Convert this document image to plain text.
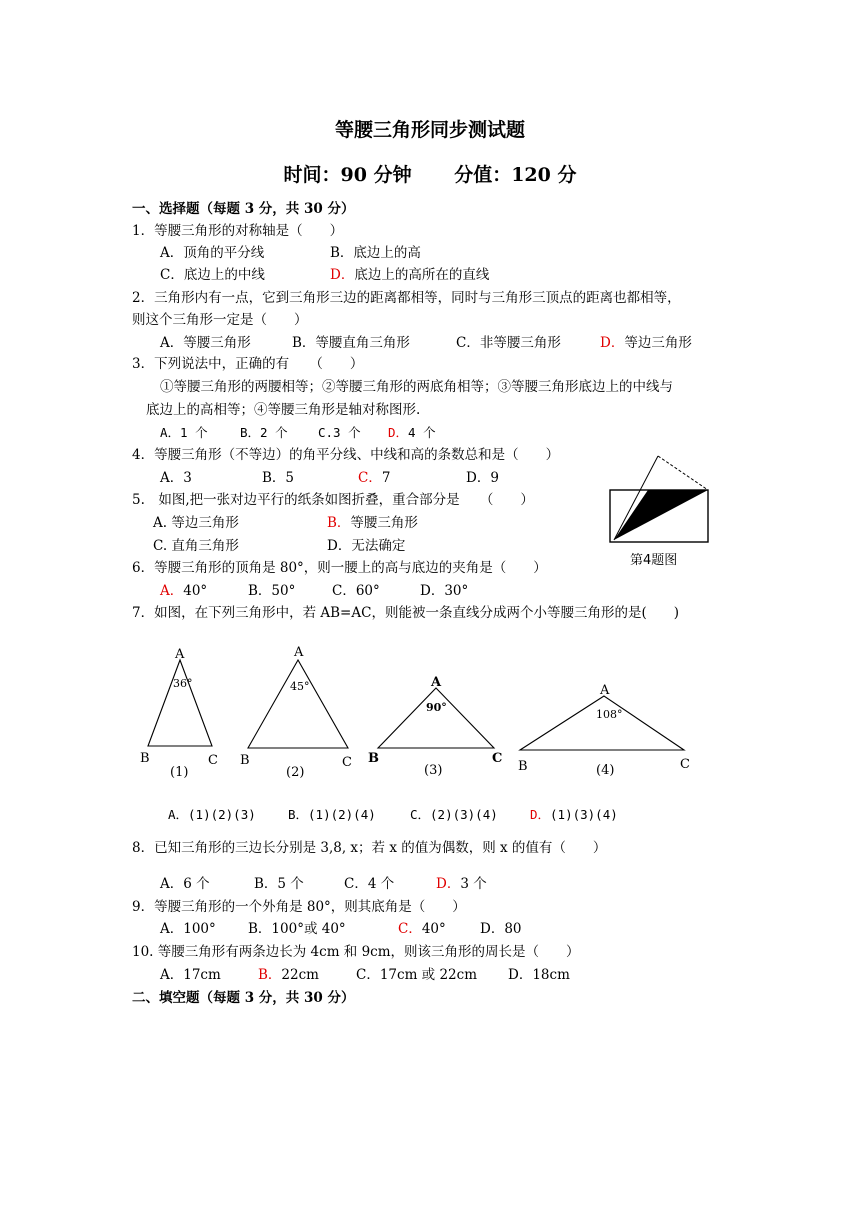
等腰三角形同步测试题
时间：90 分钟 分值：120 分
一、选择题（每题 3 分，共 30 分）
1．等腰三角形的对称轴是（　　）
A．顶角的平分线	B．底边上的高
C．底边上的中线	D．底边上的高所在的直线
2．三角形内有一点，它到三角形三边的距离都相等，同时与三角形三顶点的距离也都相等，
则这个三角形一定是（　　）
A．等腰三角形	B．等腰直角三角形	C．非等腰三角形	D．等边三角形
3．下列说法中，正确的有　　（　　）
①等腰三角形的两腰相等；②等腰三角形的两底角相等；③等腰三角形底边上的中线与
底边上的高相等；④等腰三角形是轴对称图形.
A．1 个	B．2 个 C.3 个 D．4 个
4．等腰三角形（不等边）的角平分线、中线和高的条数总和是（　　）
A．3	B．5	C．7	D．9
5.　如图,把一张对边平行的纸条如图折叠，重合部分是　　（　　）
A. 等边三角形	B．等腰三角形
C. 直角三角形	D．无法确定
第4题图
6．等腰三角形的顶角是 80°，则一腰上的高与底边的夹角是（　　）
A．40°	B．50°	C．60°	D．30°
7．如图，在下列三角形中，若 AB=AC，则能被一条直线分成两个小等腰三角形的是(　　)
A
B	C
36°
(1)
A
B	C
45°
(2)
A
B	C
90°
(3)
A
B	C
108°
(4)
A．(1)(2)(3)	B．(1)(2)(4)	C．(2)(3)(4)	D．(1)(3)(4)
8．已知三角形的三边长分别是 3,8, x；若 x 的值为偶数，则 x 的值有（　　）
A．6 个	B．5 个	C．4 个	D．3 个
9．等腰三角形的一个外角是 80°，则其底角是（　　）
A．100° B．100°或 40°	C．40°	D．80
10. 等腰三角形有两条边长为 4cm 和 9cm，则该三角形的周长是（　　）
A．17cm	B．22cm	C．17cm 或 22cm D．18cm
二、填空题（每题 3 分，共 30 分）
